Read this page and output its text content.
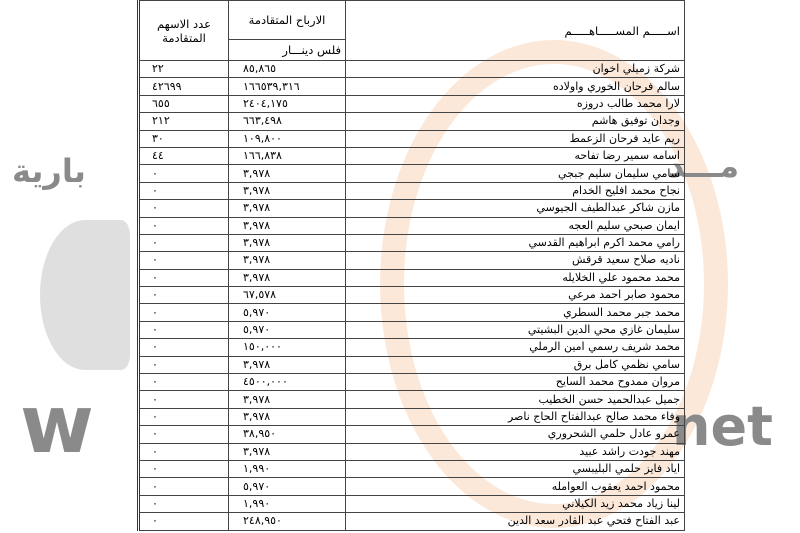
بارية	مـــد
w	net
اســـــم المســـــاهـــــم	الارباح المتقادمة	عدد الاسهم المتقادمة
	فلس دينـــار	
شركة زميلي اخوان	٨٥,٨٦٥	٢٢
سالم فرحان الخوري واولاده	١٦٦٥٣٩,٣١٦	٤٢٦٩٩
لارا محمد طالب دروزه	٢٤٠٤,١٧٥	٦٥٥
وجدان توفيق هاشم	٦٦٣,٤٩٨	٢١٢
ريم عايد فرحان الزعمط	١٠٩,٨٠٠	٣٠
اسامه سمير رضا تفاحه	١٦٦,٨٣٨	٤٤
سامي سليمان سليم جبجي	٣,٩٧٨	٠
نجاح محمد افليح الخدام	٣,٩٧٨	٠
مازن شاكر عبدالطيف الجيوسي	٣,٩٧٨	٠
ايمان صبحي سليم العجه	٣,٩٧٨	٠
رامي محمد اكرم ابراهيم القدسي	٣,٩٧٨	٠
ناديه صلاح سعيد قرقش	٣,٩٧٨	٠
محمد محمود علي الخلايله	٣,٩٧٨	٠
محمود صابر احمد مرعي	٦٧,٥٧٨	٠
محمد جبر محمد السطري	٥,٩٧٠	٠
سليمان غازي محي الدين البشيتي	٥,٩٧٠	٠
محمد شريف رسمي امين الرملي	١٥٠,٠٠٠	٠
سامي نظمي كامل برق	٣,٩٧٨	٠
مروان ممدوح محمد السايح	٤٥٠٠,٠٠٠	٠
جميل عبدالحميد حسن الخطيب	٣,٩٧٨	٠
وفاء محمد صالح عبدالفتاح الحاج ناصر	٣,٩٧٨	٠
عمرو عادل حلمي الشحروري	٣٨,٩٥٠	٠
مهند جودت راشد عبيد	٣,٩٧٨	٠
اياد فايز حلمي البليبسي	١,٩٩٠	٠
محمود احمد يعقوب العوامله	٥,٩٧٠	٠
لينا زياد محمد زيد الكيلاني	١,٩٩٠	٠
عبد الفتاح فتحي عبد القادر سعد الدين	٢٤٨,٩٥٠	٠
